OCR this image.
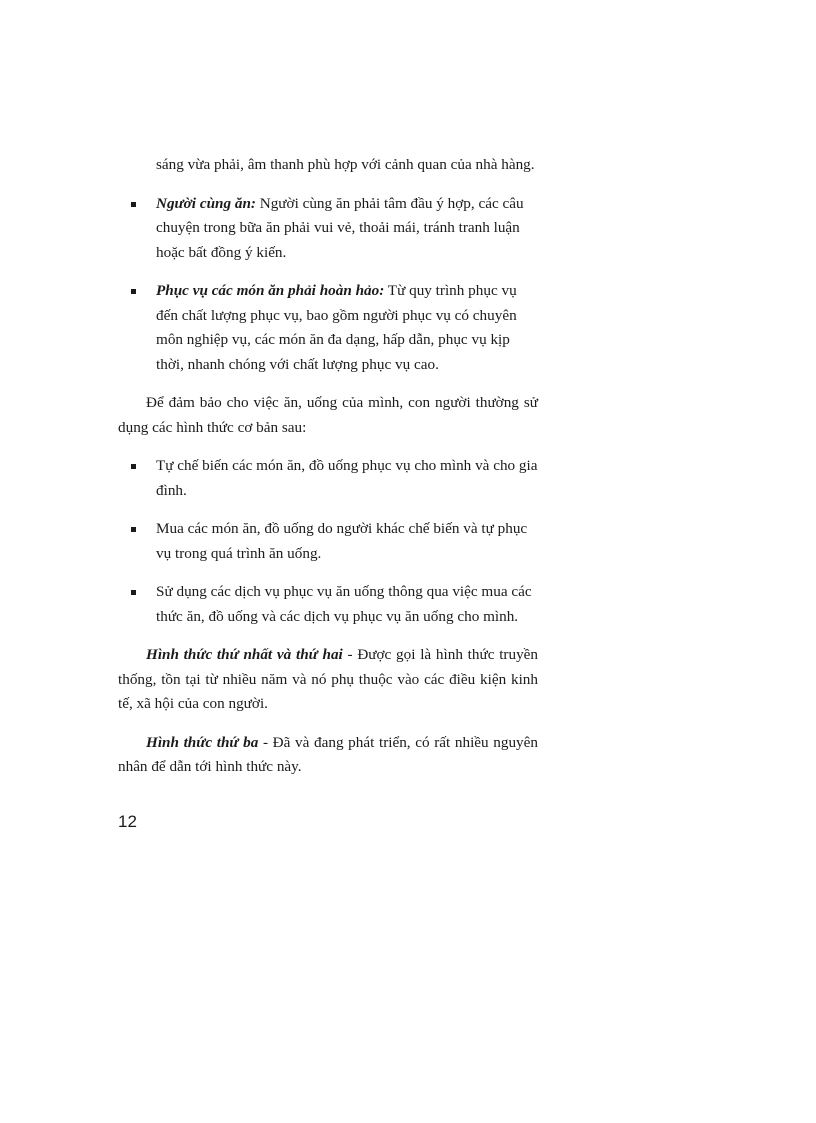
sáng vừa phải, âm thanh phù hợp với cảnh quan của nhà hàng.

Người cùng ăn: Người cùng ăn phải tâm đầu ý hợp, các câu chuyện trong bữa ăn phải vui vẻ, thoải mái, tránh tranh luận hoặc bất đồng ý kiến.
Phục vụ các món ăn phải hoàn hảo: Từ quy trình phục vụ đến chất lượng phục vụ, bao gồm người phục vụ có chuyên môn nghiệp vụ, các món ăn đa dạng, hấp dẫn, phục vụ kịp thời, nhanh chóng với chất lượng phục vụ cao.

Để đảm bảo cho việc ăn, uống của mình, con người thường sử dụng các hình thức cơ bản sau:

Tự chế biến các món ăn, đồ uống phục vụ cho mình và cho gia đình.
Mua các món ăn, đồ uống do người khác chế biến và tự phục vụ trong quá trình ăn uống.
Sử dụng các dịch vụ phục vụ ăn uống thông qua việc mua các thức ăn, đồ uống và các dịch vụ phục vụ ăn uống cho mình.

Hình thức thứ nhất và thứ hai - Được gọi là hình thức truyền thống, tồn tại từ nhiều năm và nó phụ thuộc vào các điều kiện kinh tế, xã hội của con người.

Hình thức thứ ba - Đã và đang phát triển, có rất nhiều nguyên nhân để dẫn tới hình thức này.

12
